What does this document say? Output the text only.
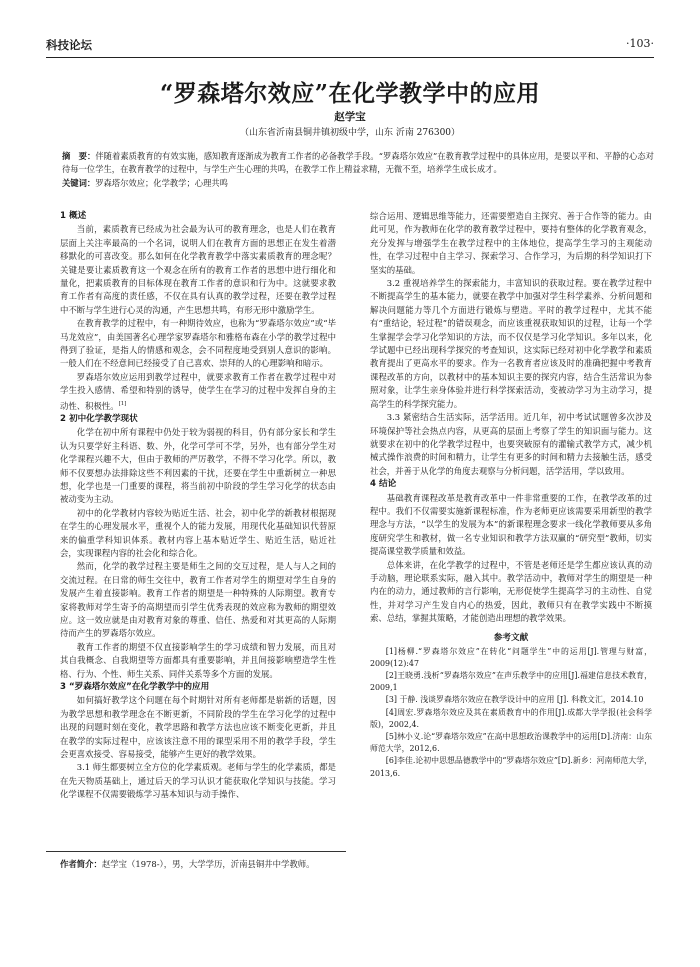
科技论坛	·103·
“罗森塔尔效应”在化学教学中的应用
赵学宝
（山东省沂南县铜井镇初级中学，山东 沂南 276300）
摘　要：伴随着素质教育的有效实施，感知教育逐渐成为教育工作者的必备教学手段。“罗森塔尔效应”在教育教学过程中的具体应用，是要以平和、平静的心态对待每一位学生，在教育教学的过程中，与学生产生心理的共鸣，在教学工作上精益求精，无微不至，培养学生成长成才。
关键词：罗森塔尔效应；化学教学；心理共鸣
1 概述

当前，素质教育已经成为社会最为认可的教育理念，也是人们在教育层面上关注率最高的一个名词，说明人们在教育方面的思想正在发生着潜移默化的可喜改变。那么如何在化学教育教学中落实素质教育的理念呢？关键是要让素质教育这一个观念在所有的教育工作者的思想中进行细化和量化，把素质教育的目标体现在教育工作者的意识和行为中。这就要求教育工作者有高度的责任感，不仅在具有认真的教学过程，还要在教学过程中不断与学生进行心灵的沟通，产生思想共鸣，有形无形中激励学生。

在教育教学的过程中，有一种期待效应，也称为“罗森塔尔效应”或“毕马龙效应”，由美国著名心理学家罗森塔尔和雅格布森在小学的教学过程中得到了验证，是指人的情感和观念，会不同程度地受到别人意识的影响。一般人们在不经意间已经接受了自己喜欢、崇拜的人的心理影响和暗示。

罗森塔尔效应运用到教学过程中，就要求教育工作者在教学过程中对学生投入感情、希望和特别的诱导，使学生在学习的过程中发挥自身的主动性、积极性。[1]

2 初中化学教学现状

化学在初中所有课程中仍处于较为弱视的科目，仍有部分家长和学生认为只要学好主科语、数、外，化学可学可不学，另外，也有部分学生对化学课程兴趣不大，但由于教师的严厉教学，不得不学习化学。所以，教师不仅要想办法排除这些不利因素的干扰，还要在学生中重新树立一种思想，化学也是一门重要的课程，将当前初中阶段的学生学习化学的状态由被动变为主动。

初中的化学教材内容较为贴近生活、社会，初中化学的新教材根据现在学生的心理发展水平，重视个人的能力发展，用现代化基础知识代替原来的偏重学科知识体系。教材内容上基本贴近学生、贴近生活，贴近社会，实现课程内容的社会化和综合化。

然而，化学的教学过程主要是师生之间的交互过程，是人与人之间的交流过程。在日常的师生交往中，教育工作者对学生的期望对学生自身的发展产生着直接影响。教育工作者的期望是一种特殊的人际期望。教育专家将教师对学生寄予的高期望而引学生优秀表现的效应称为教师的期望效应。这一效应就是由对教育对象的尊重、信任、热爱和对其更高的人际期待而产生的罗森塔尔效应。

教育工作者的期望不仅直接影响学生的学习成绩和智力发展，而且对其自我概念、自我期望等方面都具有重要影响，并且间接影响塑造学生性格、行为、个性、师生关系、同伴关系等多个方面的发展。

3 “罗森塔尔效应”在化学教学中的应用

如何搞好教学这个问题在每个时期针对所有老师都是崭新的话题，因为教学思想和教学理念在不断更新，不同阶段的学生在学习化学的过程中出现的问题时刻在变化，教学思路和教学方法也应该不断变化更新，并且在教学的实际过程中，应该该注意不用的课型采用不用的教学手段，学生会更喜欢接受、容易接受，能够产生更好的教学效果。

3.1 师生都要树立全方位的化学素质观。老师与学生的化学素质，都是在先天物质基础上，通过后天的学习认识才能获取化学知识与技能。学习化学课程不仅需要锻炼学习基本知识与动手操作、

综合运用、逻辑思维等能力，还需要塑造自主探究、善于合作等的能力。由此可见，作为教师在化学的教育教学过程中，要持有整体的化学教育观念，充分发挥与增强学生在教学过程中的主体地位，提高学生学习的主观能动性，在学习过程中自主学习、探索学习、合作学习，为后期的科学知识打下坚实的基础。

3.2 重视培养学生的探索能力，丰富知识的获取过程。要在教学过程中不断提高学生的基本能力，就要在教学中加强对学生科学素养、分析问题和解决问题能力等几个方面进行锻炼与塑造。平时的教学过程中，尤其不能有“重结论，轻过程”的错误观念，而应该重视获取知识的过程，让每一个学生掌握学会学习化学知识的方法，而不仅仅是学习化学知识。多年以来，化学试题中已经出现科学探究的考查知识，这实际已经对初中化学教学和素质教育提出了更高水平的要求。作为一名教育者应该及时的准确把握中考教育课程改革的方向，以教材中的基本知识主要的探究内容，结合生活常识为参照对象，让学生亲身体验并进行科学探索活动，变被动学习为主动学习，提高学生的科学探究能力。

3.3 紧密结合生活实际，活学活用。近几年，初中考试试题曾多次涉及环境保护等社会热点内容，从更高的层面上考察了学生的知识面与能力。这就要求在初中的化学教学过程中，也要突破原有的灌输式教学方式，减少机械式操作浪费的时间和精力，让学生有更多的时间和精力去接触生活，感受社会，并善于从化学的角度去观察与分析问题，活学活用，学以致用。

4 结论

基础教育课程改革是教育改革中一件非常重要的工作，在教学改革的过程中。我们不仅需要实施新课程标准，作为老师更应该需要采用新型的教学理念与方法，“以学生的发展为本”的新课程理念要求一线化学教师要从多角度研究学生和教材，做一名专业知识和教学方法双赢的“研究型”教师，切实提高课堂教学质量和效益。

总体来讲，在化学教学的过程中，不管是老师还是学生都应该认真的动手动脑，理论联系实际，融入其中。教学活动中，教师对学生的期望是一种内在的动力，通过教师的言行影响，无形促使学生提高学习的主动性、自觉性，并对学习产生发自内心的热爱，因此，教师只有在教学实践中不断摸索、总结，掌握其策略，才能创造出理想的教学效果。

参考文献

[1]杨柳.“罗森塔尔效应”在转化“问题学生”中的运用[J].管理与财富，2009(12):47

[2]王晓勇.浅析“罗森塔尔效应”在声乐教学中的应用[J].福建信息技术教育，2009,1

[3] 于静. 浅谈罗森塔尔效应在教学设计中的应用 [J]. 科教文汇，2014.10

[4]周宏.罗森塔尔效应及其在素质教育中的作用[J].成都大学学报(社会科学版)，2002,4.

[5]林小义.论“罗森塔尔效应”在高中思想政治课教学中的运用[D].济南：山东师范大学，2012,6.

[6]李佳.论初中思想品德教学中的“罗森塔尔效应”[D].新乡：河南师范大学，2013,6.

作者简介：赵学宝（1978-），男，大学学历，沂南县铜井中学教师。
